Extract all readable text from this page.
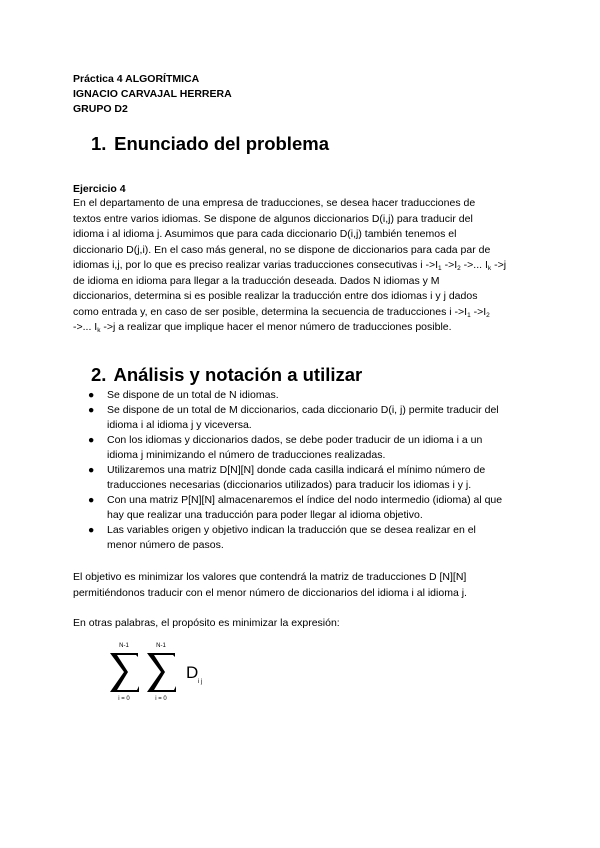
Práctica 4 ALGORÍTMICA
IGNACIO CARVAJAL HERRERA
GRUPO D2
1. Enunciado del problema
Ejercicio 4
En el departamento de una empresa de traducciones, se desea hacer traducciones de
textos entre varios idiomas. Se dispone de algunos diccionarios D(i,j) para traducir del
idioma i al idioma j. Asumimos que para cada diccionario D(i,j) también tenemos el
diccionario D(j,i). En el caso más general, no se dispone de diccionarios para cada par de
idiomas i,j, por lo que es preciso realizar varias traducciones consecutivas i $->I_1$ $->I_2$ ->... $I_k$ ->j
de idioma en idioma para llegar a la traducción deseada. Dados N idiomas y M
diccionarios, determina si es posible realizar la traducción entre dos idiomas i y j dados
como entrada y, en caso de ser posible, determina la secuencia de traducciones i $->I_1$ $->I_2$
->... $I_k$ ->j a realizar que implique hacer el menor número de traducciones posible.
2. Análisis y notación a utilizar
● Se dispone de un total de N idiomas.
● Se dispone de un total de M diccionarios, cada diccionario D(i, j) permite traducir del
idioma i al idioma j y viceversa.
● Con los idiomas y diccionarios dados, se debe poder traducir de un idioma i a un
idioma j minimizando el número de traducciones realizadas.
● Utilizaremos una matriz D[N][N] donde cada casilla indicará el mínimo número de
traducciones necesarias (diccionarios utilizados) para traducir los idiomas i y j.
● Con una matriz P[N][N] almacenaremos el índice del nodo intermedio (idioma) al que
hay que realizar una traducción para poder llegar al idioma objetivo.
● Las variables origen y objetivo indican la traducción que se desea realizar en el
menor número de pasos.
El objetivo es minimizar los valores que contendrá la matriz de traducciones D [N][N]
permitiéndonos traducir con el menor número de diccionarios del idioma i al idioma j.
En otras palabras, el propósito es minimizar la expresión:
N-1
i = 0
N-1
j = 0
D i j
